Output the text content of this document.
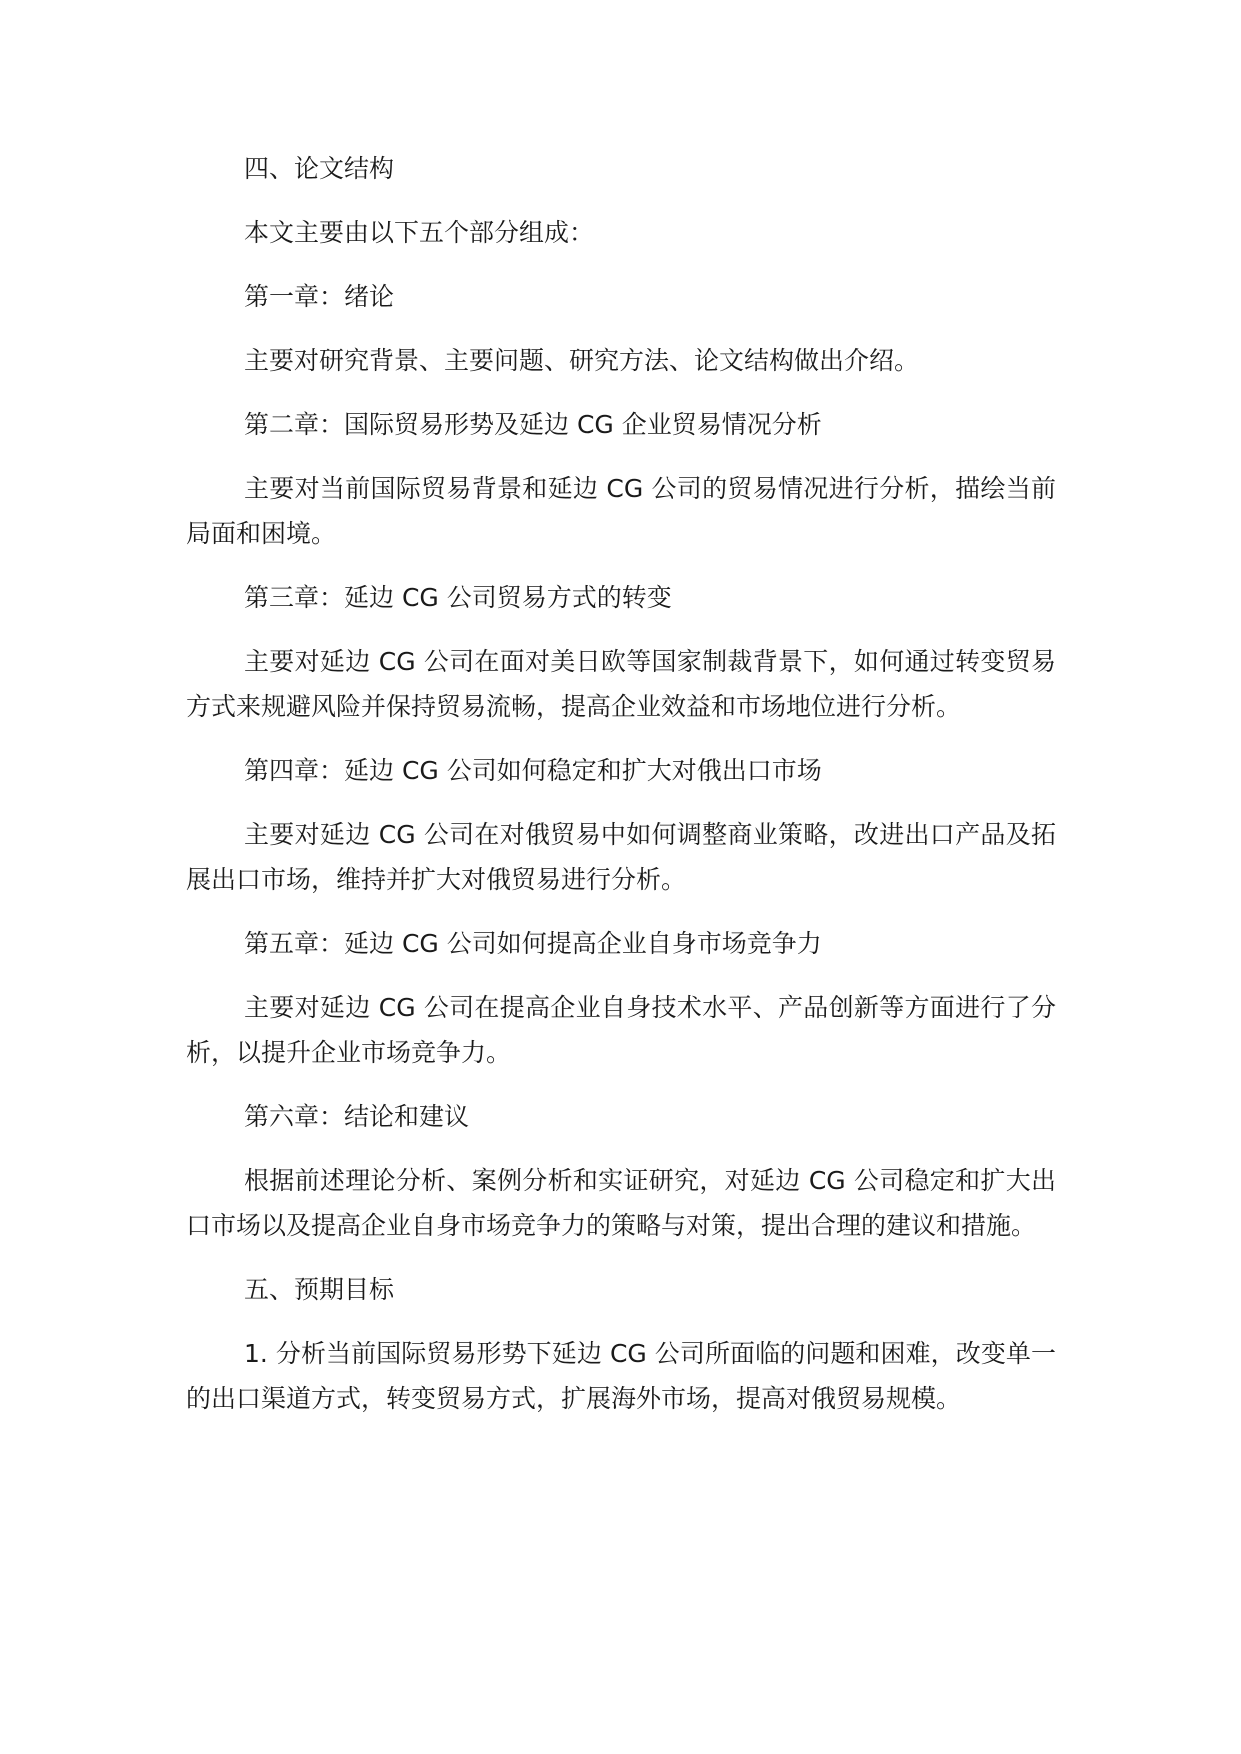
四、论文结构

本文主要由以下五个部分组成：

第一章：绪论

主要对研究背景、主要问题、研究方法、论文结构做出介绍。

第二章：国际贸易形势及延边 CG 企业贸易情况分析

主要对当前国际贸易背景和延边 CG 公司的贸易情况进行分析，描绘当前局面和困境。

第三章：延边 CG 公司贸易方式的转变

主要对延边 CG 公司在面对美日欧等国家制裁背景下，如何通过转变贸易方式来规避风险并保持贸易流畅，提高企业效益和市场地位进行分析。

第四章：延边 CG 公司如何稳定和扩大对俄出口市场

主要对延边 CG 公司在对俄贸易中如何调整商业策略，改进出口产品及拓展出口市场，维持并扩大对俄贸易进行分析。

第五章：延边 CG 公司如何提高企业自身市场竞争力

主要对延边 CG 公司在提高企业自身技术水平、产品创新等方面进行了分析，以提升企业市场竞争力。

第六章：结论和建议

根据前述理论分析、案例分析和实证研究，对延边 CG 公司稳定和扩大出口市场以及提高企业自身市场竞争力的策略与对策，提出合理的建议和措施。

五、预期目标

1. 分析当前国际贸易形势下延边 CG 公司所面临的问题和困难，改变单一的出口渠道方式，转变贸易方式，扩展海外市场，提高对俄贸易规模。
